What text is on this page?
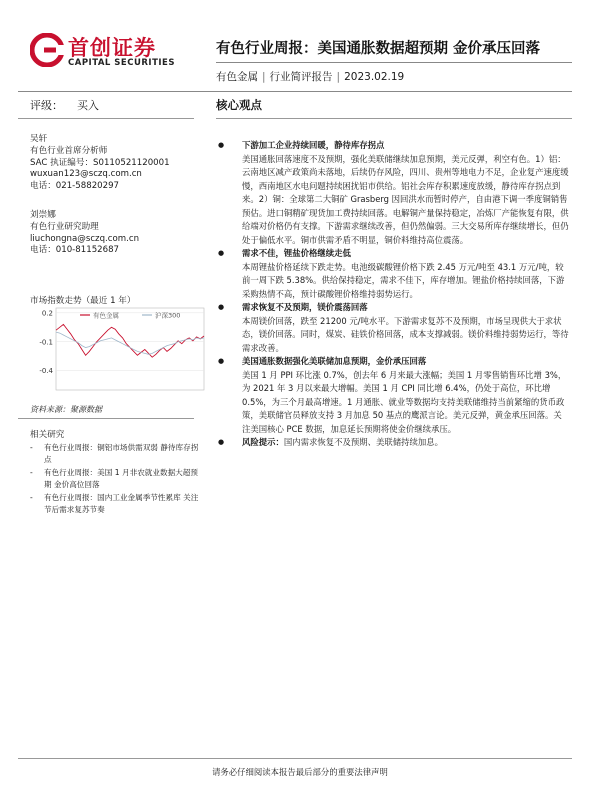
首创证券
CAPITAL SECURITIES
有色行业周报：美国通胀数据超预期 金价承压回落
有色金属 | 行业简评报告 | 2023.02.19
评级： 买入	核心观点
吴轩
有色行业首席分析师
SAC 执证编号：S0110521120001
wuxuan123@sczq.com.cn
电话：021-58820297
刘崇娜
有色行业研究助理
liuchongna@sczq.com.cn
电话：010-81152687
市场指数走势（最近 1 年）
0.2
-0.1
-0.4
有色金属	沪深300
资料来源：聚源数据
相关研究
- 有色行业周报：铜铝市场供需双弱 静待库存拐点
- 有色行业周报：美国 1 月非农就业数据大超预期 金价高位回落
- 有色行业周报：国内工业金属季节性累库 关注节后需求复苏节奏
●	下游加工企业持续回暖，静待库存拐点
美国通胀回落速度不及预期，强化美联储继续加息预期，美元反弹，利空有色。1）铝：云南地区减产政策尚未落地，后续仍存风险，四川、贵州等地电力不足，企业复产速度缓慢，西南地区水电问题持续困扰铝市供给。铝社会库存积累速度放缓，静待库存拐点到来。2）铜：全球第二大铜矿 Grasberg 因回洪水而暂时停产，自由港下调一季度铜销售预估。进口铜精矿现货加工费持续回落。电解铜产量保持稳定，冶炼厂产能恢复有限，供给端对价格仍有支撑。下游需求继续改善，但仍然偏弱。三大交易所库存继续增长，但仍处于偏低水平。铜市供需矛盾不明显，铜价料维持高位震荡。
●	需求不佳，锂盐价格继续走低
本周锂盐价格延续下跌走势。电池级碳酸锂价格下跌 2.45 万元/吨至 43.1 万元/吨，较前一周下跌 5.38%。供给保持稳定，需求不佳下，库存增加。锂盐价格持续回落，下游采购热情不高，预计碳酸锂价格维持弱势运行。
●	需求恢复不及预期，镁价震荡回落
本周镁价回落，跌至 21200 元/吨水平。下游需求复苏不及预期，市场呈现供大于求状态，镁价回落。同时，煤炭、硅铁价格回落，成本支撑减弱。镁价料维持弱势运行，等待需求改善。
●	美国通胀数据强化美联储加息预期，金价承压回落
美国 1 月 PPI 环比涨 0.7%，创去年 6 月来最大涨幅；美国 1 月零售销售环比增 3%，为 2021 年 3 月以来最大增幅。美国 1 月 CPI 同比增 6.4%，仍处于高位，环比增 0.5%，为三个月最高增速。1 月通胀、就业等数据均支持美联储维持当前紧缩的货币政策，美联储官员释放支持 3 月加息 50 基点的鹰派言论。美元反弹，黄金承压回落。关注美国核心 PCE 数据，加息延长预期将使金价继续承压。
●	风险提示：国内需求恢复不及预期、美联储持续加息。
请务必仔细阅读本报告最后部分的重要法律声明
